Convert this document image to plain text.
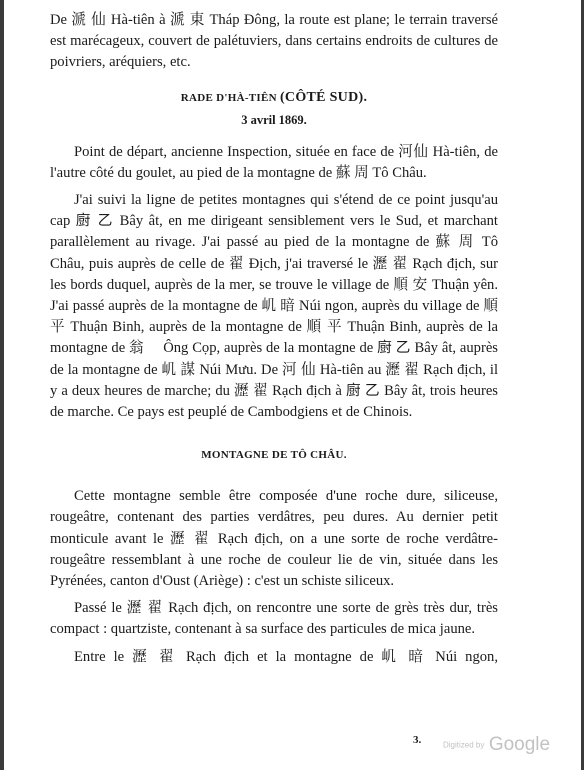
De 㴲 仙 Hà-tiên à 㴲 東 Tháp Đông, la route est plane; le terrain traversé est marécageux, couvert de palétuviers, dans certains endroits de cultures de poivriers, aréquiers, etc.

RADE D'HÀ-TIÊN (CÔTÉ SUD).

3 avril 1869.

Point de départ, ancienne Inspection, située en face de 河仙 Hà-tiên, de l'autre côté du goulet, au pied de la montagne de 蘇 周 Tô Châu.

J'ai suivi la ligne de petites montagnes qui s'étend de ce point jusqu'au cap 𢊍 乙 Bây ât, en me dirigeant sensiblement vers le Sud, et marchant parallèlement au rivage. J'ai passé au pied de la montagne de 蘇 周 Tô Châu, puis auprès de celle de 翟 Địch, j'ai traversé le 瀝 翟 Rạch địch, sur les bords duquel, auprès de la mer, se trouve le village de 順 安 Thuận yên. J'ai passé auprès de la montagne de 㞦 暗 Núi ngon, auprès du village de 順 平 Thuận Binh, auprès de la montagne de 順 平 Thuận Binh, auprès de la montagne de 翁 𢾢 Ông Cọp, auprès de la montagne de 𢊍 乙 Bây ât, auprès de la montagne de 㞦 謀 Núi Mưu. De 河 仙 Hà-tiên au 瀝 翟 Rạch địch, il y a deux heures de marche; du 瀝 翟 Rạch địch à 𢊍 乙 Bây ât, trois heures de marche. Ce pays est peuplé de Cambodgiens et de Chinois.

MONTAGNE DE TÔ CHÂU.

Cette montagne semble être composée d'une roche dure, siliceuse, rougeâtre, contenant des parties verdâtres, peu dures. Au dernier petit monticule avant le 瀝 翟 Rạch địch, on a une sorte de roche verdâtre-rougeâtre ressemblant à une roche de couleur lie de vin, située dans les Pyrénées, canton d'Oust (Ariège) : c'est un schiste siliceux.

Passé le 瀝 翟 Rạch địch, on rencontre une sorte de grès très dur, très compact : quartziste, contenant à sa surface des particules de mica jaune.

Entre le 瀝 翟 Rạch địch et la montagne de 㞦 暗 Núi ngon,

3.	Digitized by Google
